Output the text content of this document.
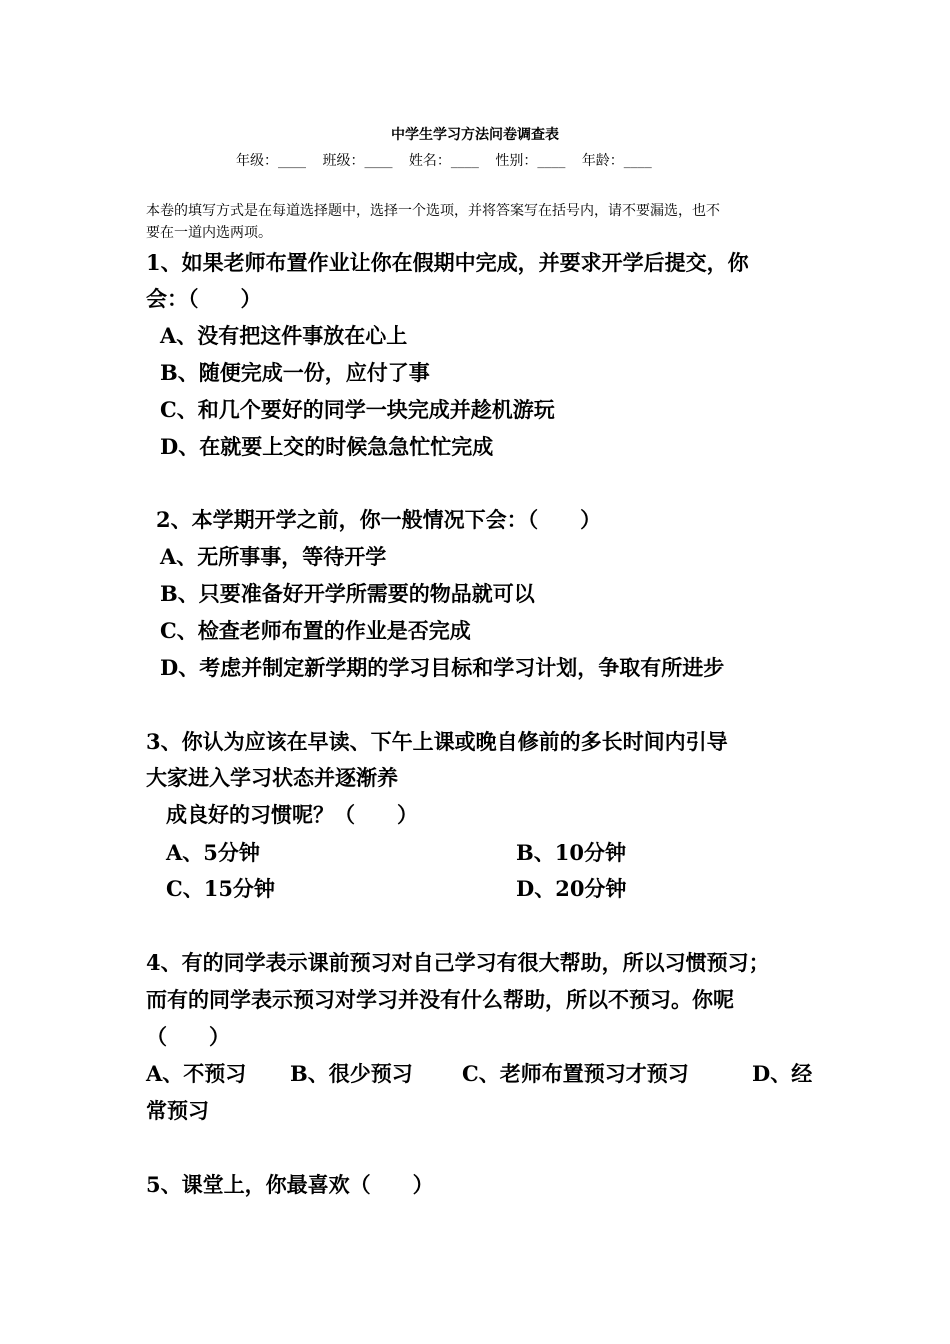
中学生学习方法问卷调查表
年级：____ 班级：____ 姓名：____ 性别：____ 年龄：____
本卷的填写方式是在每道选择题中，选择一个选项，并将答案写在括号内，请不要漏选，也不
要在一道内选两项。
1、如果老师布置作业让你在假期中完成，并要求开学后提交，你
会：（　　）
A、没有把这件事放在心上
B、随便完成一份，应付了事
C、和几个要好的同学一块完成并趁机游玩
D、在就要上交的时候急急忙忙完成
2、本学期开学之前，你一般情况下会：（　　）
A、无所事事，等待开学
B、只要准备好开学所需要的物品就可以
C、检查老师布置的作业是否完成
D、考虑并制定新学期的学习目标和学习计划，争取有所进步
3、你认为应该在早读、下午上课或晚自修前的多长时间内引导
大家进入学习状态并逐渐养
成良好的习惯呢？（　　）
A、5分钟	B、10分钟
C、15分钟	D、20分钟
4、有的同学表示课前预习对自己学习有很大帮助，所以习惯预习；
而有的同学表示预习对学习并没有什么帮助，所以不预习。你呢
（　　）
A、不预习 B、很少预习 C、老师布置预习才预习	D、经
常预习
5、课堂上，你最喜欢（　　）
